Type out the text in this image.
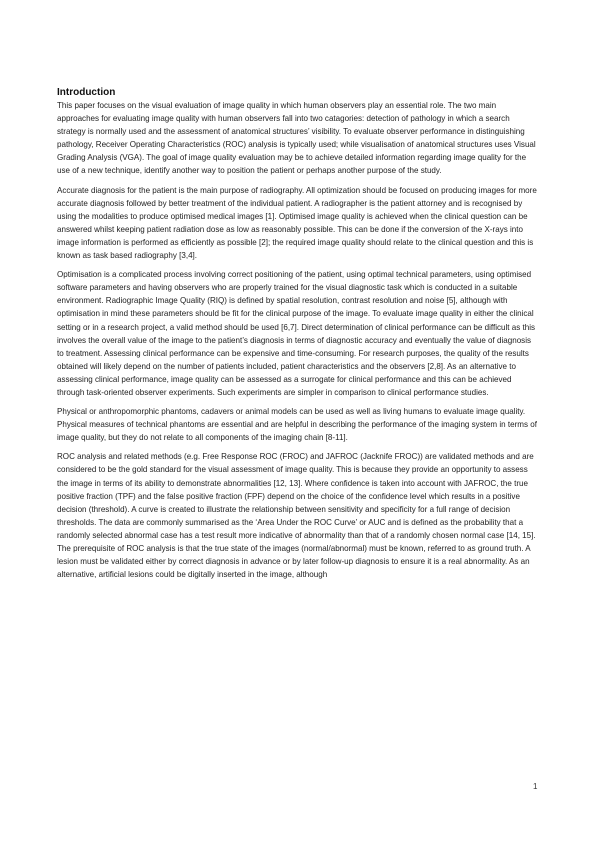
Introduction

This paper focuses on the visual evaluation of image quality in which human observers play an essential role. The two main approaches for evaluating image quality with human observers fall into two catagories: detection of pathology in which a search strategy is normally used and the assessment of anatomical structures’ visibility. To evaluate observer performance in distinguishing pathology, Receiver Operating Characteristics (ROC) analysis is typically used; while visualisation of anatomical structures uses Visual Grading Analysis (VGA). The goal of image quality evaluation may be to achieve detailed information regarding image quality for the use of a new technique, identify another way to position the patient or perhaps another purpose of the study.

Accurate diagnosis for the patient is the main purpose of radiography. All optimization should be focused on producing images for more accurate diagnosis followed by better treatment of the individual patient. A radiographer is the patient attorney and is recognised by using the modalities to produce optimised medical images [1]. Optimised image quality is achieved when the clinical question can be answered whilst keeping patient radiation dose as low as reasonably possible. This can be done if the conversion of the X-rays into image information is performed as efficiently as possible [2]; the required image quality should relate to the clinical question and this is known as task based radiography [3,4].

Optimisation is a complicated process involving correct positioning of the patient, using optimal technical parameters, using optimised software parameters and having observers who are properly trained for the visual diagnostic task which is conducted in a suitable environment. Radiographic Image Quality (RIQ) is defined by spatial resolution, contrast resolution and noise [5], although with optimisation in mind these parameters should be fit for the clinical purpose of the image. To evaluate image quality in either the clinical setting or in a research project, a valid method should be used [6,7]. Direct determination of clinical performance can be difficult as this involves the overall value of the image to the patient’s diagnosis in terms of diagnostic accuracy and eventually the value of diagnosis to treatment. Assessing clinical performance can be expensive and time-consuming. For research purposes, the quality of the results obtained will likely depend on the number of patients included, patient characteristics and the observers [2,8]. As an alternative to assessing clinical performance, image quality can be assessed as a surrogate for clinical performance and this can be achieved through task-oriented observer experiments. Such experiments are simpler in comparison to clinical performance studies.

Physical or anthropomorphic phantoms, cadavers or animal models can be used as well as living humans to evaluate image quality. Physical measures of technical phantoms are essential and are helpful in describing the performance of the imaging system in terms of image quality, but they do not relate to all components of the imaging chain [8-11].

ROC analysis and related methods (e.g. Free Response ROC (FROC) and JAFROC (Jacknife FROC)) are validated methods and are considered to be the gold standard for the visual assessment of image quality. This is because they provide an opportunity to assess the image in terms of its ability to demonstrate abnormalities [12, 13]. Where confidence is taken into account with JAFROC, the true positive fraction (TPF) and the false positive fraction (FPF) depend on the choice of the confidence level which results in a positive decision (threshold). A curve is created to illustrate the relationship between sensitivity and specificity for a full range of decision thresholds. The data are commonly summarised as the ‘Area Under the ROC Curve’ or AUC and is defined as the probability that a randomly selected abnormal case has a test result more indicative of abnormality than that of a randomly chosen normal case [14, 15]. The prerequisite of ROC analysis is that the true state of the images (normal/abnormal) must be known, referred to as ground truth. A lesion must be validated either by correct diagnosis in advance or by later follow-up diagnosis to ensure it is a real abnormality. As an alternative, artificial lesions could be digitally inserted in the image, although

1
